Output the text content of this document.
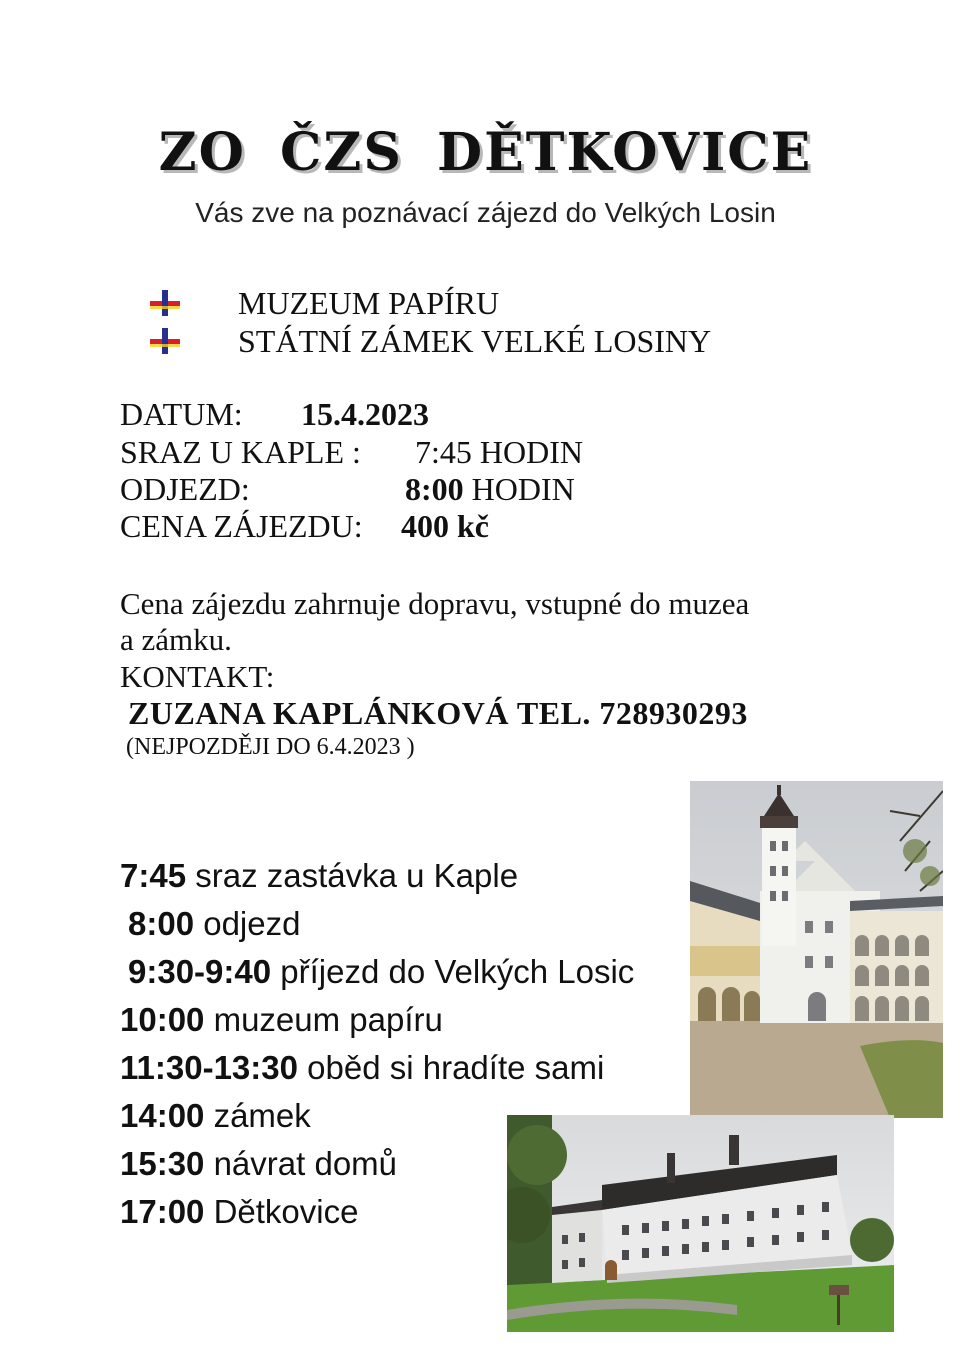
ZO ČZS DĚTKOVICE
Vás zve na poznávací zájezd do Velkých Losin
MUZEUM PAPÍRU
STÁTNÍ ZÁMEK VELKÉ LOSINY
DATUM: 15.4.2023
SRAZ U KAPLE : 7:45 HODIN
ODJEZD:	8:00 HODIN
CENA ZÁJEZDU: 400 kč
Cena zájezdu zahrnuje dopravu, vstupné do muzea
a zámku.
KONTAKT:
ZUZANA KAPLÁNKOVÁ TEL. 728930293
(NEJPOZDĚJI DO 6.4.2023 )
7:45 sraz zastávka u Kaple
8:00 odjezd
9:30-9:40 příjezd do Velkých Losic
10:00 muzeum papíru
11:30-13:30 oběd si hradíte sami
14:00 zámek
15:30 návrat domů
17:00 Dětkovice
